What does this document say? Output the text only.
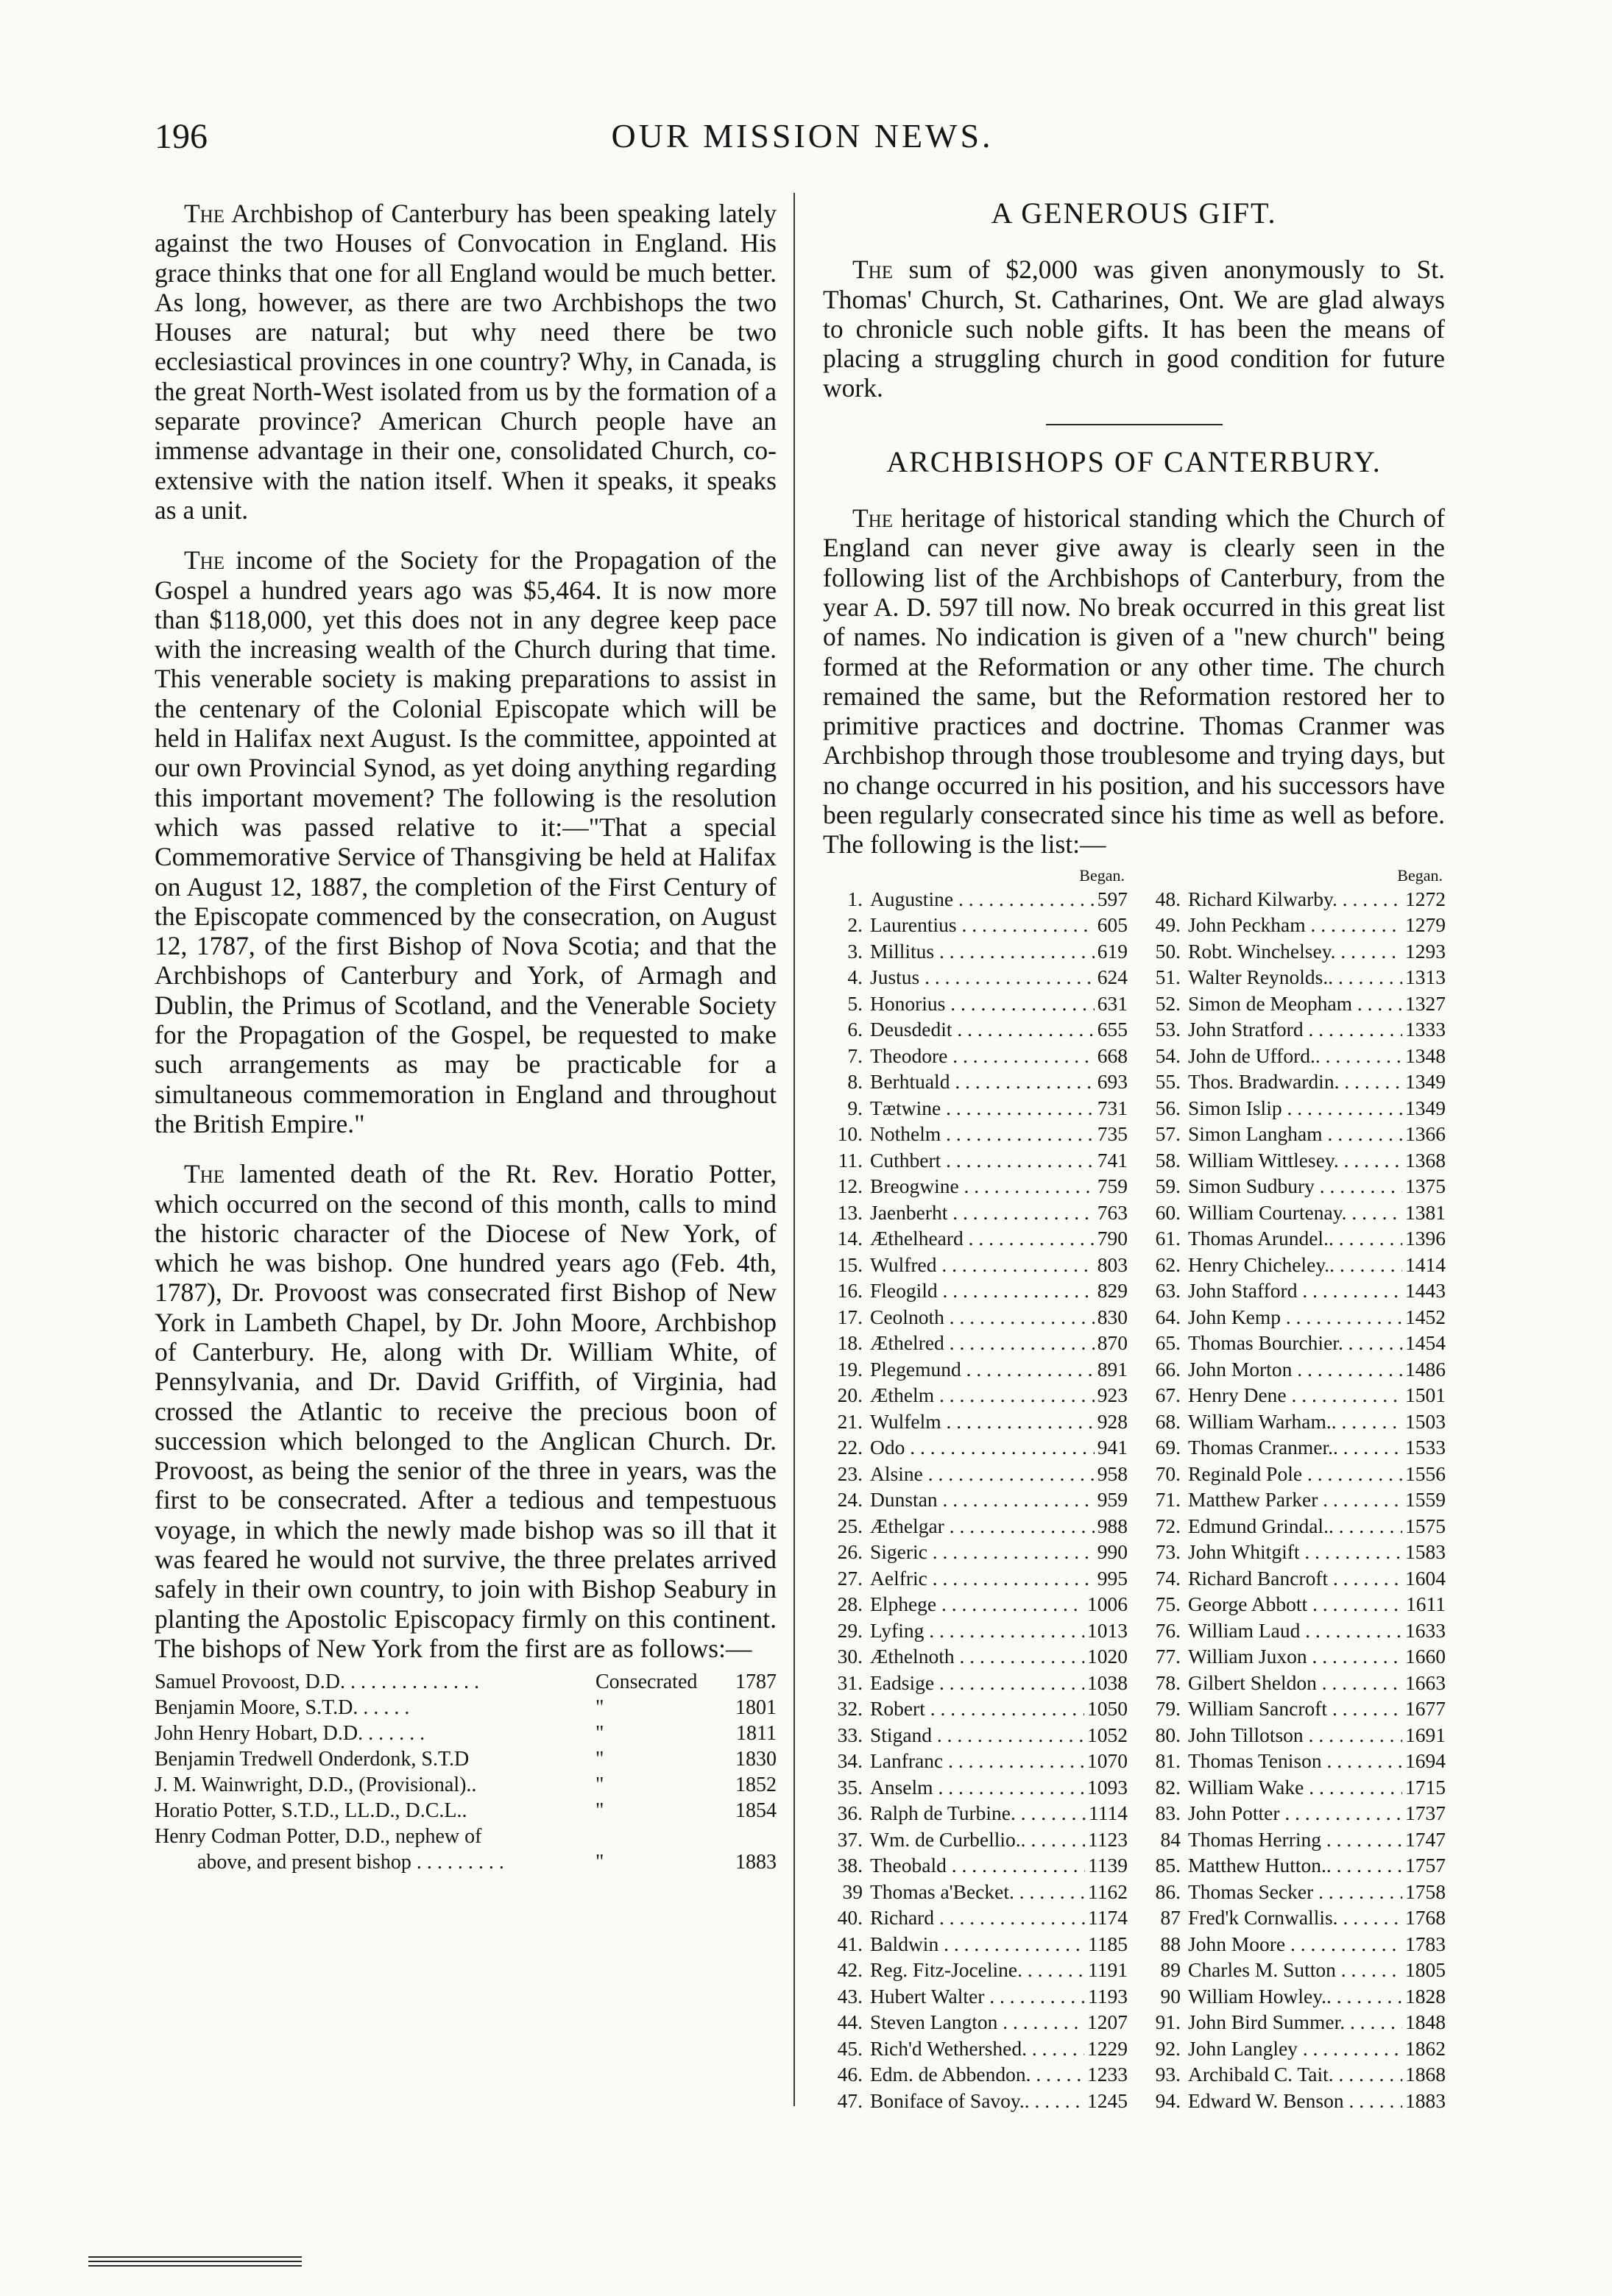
196	OUR MISSION NEWS.

The Archbishop of Canterbury has been speaking lately against the two Houses of Convocation in England. His grace thinks that one for all England would be much better. As long, however, as there are two Archbishops the two Houses are natural; but why need there be two ecclesiastical provinces in one country? Why, in Canada, is the great North-West isolated from us by the formation of a separate province? American Church people have an immense advantage in their one, consolidated Church, co-extensive with the nation itself. When it speaks, it speaks as a unit.

The income of the Society for the Propagation of the Gospel a hundred years ago was $5,464. It is now more than $118,000, yet this does not in any degree keep pace with the increasing wealth of the Church during that time. This venerable society is making preparations to assist in the centenary of the Colonial Episcopate which will be held in Halifax next August. Is the committee, appointed at our own Provincial Synod, as yet doing anything regarding this important movement? The following is the resolution which was passed relative to it:—"That a special Commemorative Service of Thansgiving be held at Halifax on August 12, 1887, the completion of the First Century of the Episcopate commenced by the consecration, on August 12, 1787, of the first Bishop of Nova Scotia; and that the Archbishops of Canterbury and York, of Armagh and Dublin, the Primus of Scotland, and the Venerable Society for the Propagation of the Gospel, be requested to make such arrangements as may be practicable for a simultaneous commemoration in England and throughout the British Empire."

The lamented death of the Rt. Rev. Horatio Potter, which occurred on the second of this month, calls to mind the historic character of the Diocese of New York, of which he was bishop. One hundred years ago (Feb. 4th, 1787), Dr. Provoost was consecrated first Bishop of New York in Lambeth Chapel, by Dr. John Moore, Archbishop of Canterbury. He, along with Dr. William White, of Pennsylvania, and Dr. David Griffith, of Virginia, had crossed the Atlantic to receive the precious boon of succession which belonged to the Anglican Church. Dr. Provoost, as being the senior of the three in years, was the first to be consecrated. After a tedious and tempestuous voyage, in which the newly made bishop was so ill that it was feared he would not survive, the three prelates arrived safely in their own country, to join with Bishop Seabury in planting the Apostolic Episcopacy firmly on this continent. The bishops of New York from the first are as follows:—

Samuel Provoost, D.D. . . . . . . . . . . . . .	Consecrated	1787
Benjamin Moore, S.T.D. . . . . .	"	1801
John Henry Hobart, D.D. . . . . . .	"	1811
Benjamin Tredwell Onderdonk, S.T.D	"	1830
J. M. Wainwright, D.D., (Provisional)..	"	1852
Horatio Potter, S.T.D., LL.D., D.C.L..	"	1854
Henry Codman Potter, D.D., nephew of
above, and present bishop . . . . . . . . .	"	1883
A GENEROUS GIFT.

The sum of $2,000 was given anonymously to St. Thomas' Church, St. Catharines, Ont. We are glad always to chronicle such noble gifts. It has been the means of placing a struggling church in good condition for future work.

ARCHBISHOPS OF CANTERBURY.

The heritage of historical standing which the Church of England can never give away is clearly seen in the following list of the Archbishops of Canterbury, from the year A. D. 597 till now. No break occurred in this great list of names. No indication is given of a "new church" being formed at the Reformation or any other time. The church remained the same, but the Reformation restored her to primitive practices and doctrine. Thomas Cranmer was Archbishop through those troublesome and trying days, but no change occurred in his position, and his successors have been regularly consecrated since his time as well as before. The following is the list:—

Began.
1. Augustine . . .	597
2. Laurentius . . .	605
3. Millitus . . .	619
4. Justus . . .	624
5. Honorius . . .	631
6. Deusdedit . . .	655
7. Theodore . . .	668
8. Berhtuald . . .	693
9. Tætwine . . .	731
10. Nothelm . . .	735
11. Cuthbert . . .	741
12. Breogwine . . .	759
13. Jaenberht . . .	763
14. Æthelheard . . .	790
15. Wulfred . . .	803
16. Fleogild . . .	829
17. Ceolnoth . . .	830
18. Æthelred . . .	870
19. Plegemund . . .	891
20. Æthelm . . .	923
21. Wulfelm . . .	928
22. Odo . . .	941
23. Alsine . . .	958
24. Dunstan . . .	959
25. Æthelgar . . .	988
26. Sigeric . . .	990
27. Aelfric . . .	995
28. Elphege . . .	1006
29. Lyfing . . .	1013
30. Æthelnoth . . .	1020
31. Eadsige . . .	1038
32. Robert . . .	1050
33. Stigand . . .	1052
34. Lanfranc . . .	1070
35. Anselm . . .	1093
36. Ralph de Turbine. . . .	1114
37. Wm. de Curbellio.. . . .	1123
38. Theobald . . .	1139
39 Thomas a'Becket. . . .	1162
40. Richard . . .	1174
41. Baldwin . . .	1185
42. Reg. Fitz-Joceline. . . .	1191
43. Hubert Walter . . .	1193
44. Steven Langton . . .	1207
45. Rich'd Wethershed. . . .	1229
46. Edm. de Abbendon. . . .	1233
47. Boniface of Savoy.. . . .	1245
Began.
48. Richard Kilwarby. . . .	1272
49. John Peckham . . .	1279
50. Robt. Winchelsey. . . .	1293
51. Walter Reynolds.. . . .	1313
52. Simon de Meopham . . .	1327
53. John Stratford . . .	1333
54. John de Ufford.. . . .	1348
55. Thos. Bradwardin. . . .	1349
56. Simon Islip . . .	1349
57. Simon Langham . . .	1366
58. William Wittlesey. . . .	1368
59. Simon Sudbury . . .	1375
60. William Courtenay. . . .	1381
61. Thomas Arundel.. . . .	1396
62. Henry Chicheley.. . . .	1414
63. John Stafford . . .	1443
64. John Kemp . . .	1452
65. Thomas Bourchier. . . .	1454
66. John Morton . . .	1486
67. Henry Dene . . .	1501
68. William Warham.. . . .	1503
69. Thomas Cranmer.. . . .	1533
70. Reginald Pole . . .	1556
71. Matthew Parker . . .	1559
72. Edmund Grindal.. . . .	1575
73. John Whitgift . . .	1583
74. Richard Bancroft . . .	1604
75. George Abbott . . .	1611
76. William Laud . . .	1633
77. William Juxon . . .	1660
78. Gilbert Sheldon . . .	1663
79. William Sancroft . . .	1677
80. John Tillotson . . .	1691
81. Thomas Tenison . . .	1694
82. William Wake . . .	1715
83. John Potter . . .	1737
84 Thomas Herring . . .	1747
85. Matthew Hutton.. . . .	1757
86. Thomas Secker . . .	1758
87 Fred'k Cornwallis. . . .	1768
88 John Moore . . .	1783
89 Charles M. Sutton . . .	1805
90 William Howley.. . . .	1828
91. John Bird Summer. . . .	1848
92. John Langley . . .	1862
93. Archibald C. Tait. . . .	1868
94. Edward W. Benson . . .	1883
